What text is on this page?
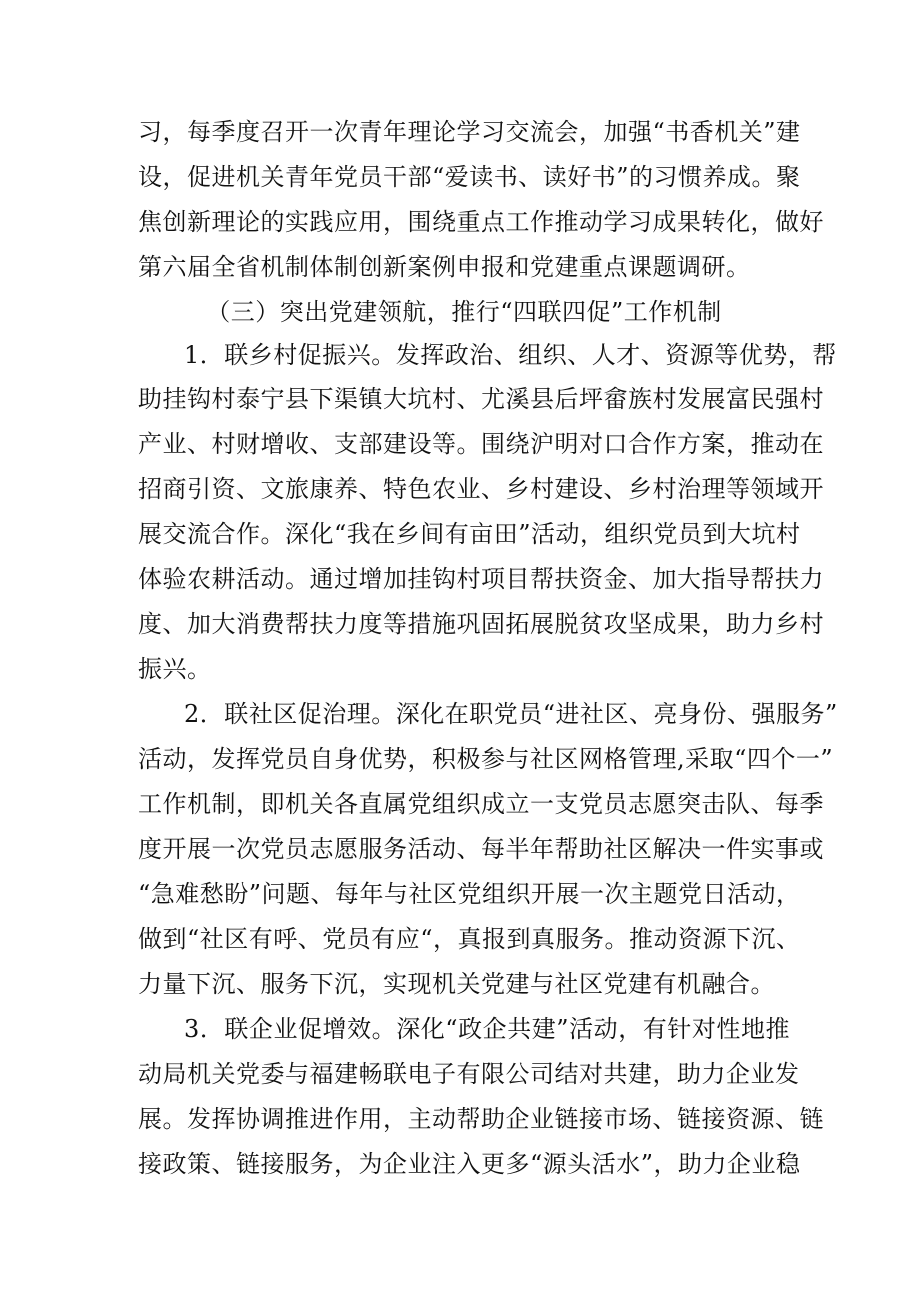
习，每季度召开一次青年理论学习交流会，加强“书香机关”建
设，促进机关青年党员干部“爱读书、读好书”的习惯养成。聚
焦创新理论的实践应用，围绕重点工作推动学习成果转化，做好
第六届全省机制体制创新案例申报和党建重点课题调研。
（三）突出党建领航，推行“四联四促”工作机制
1．联乡村促振兴。发挥政治、组织、人才、资源等优势，帮
助挂钩村泰宁县下渠镇大坑村、尤溪县后坪畲族村发展富民强村
产业、村财增收、支部建设等。围绕沪明对口合作方案，推动在
招商引资、文旅康养、特色农业、乡村建设、乡村治理等领域开
展交流合作。深化“我在乡间有亩田”活动，组织党员到大坑村
体验农耕活动。通过增加挂钩村项目帮扶资金、加大指导帮扶力
度、加大消费帮扶力度等措施巩固拓展脱贫攻坚成果，助力乡村
振兴。
2．联社区促治理。深化在职党员“进社区、亮身份、强服务”
活动，发挥党员自身优势，积极参与社区网格管理,采取“四个一”
工作机制，即机关各直属党组织成立一支党员志愿突击队、每季
度开展一次党员志愿服务活动、每半年帮助社区解决一件实事或
“急难愁盼”问题、每年与社区党组织开展一次主题党日活动，
做到“社区有呼、党员有应“，真报到真服务。推动资源下沉、
力量下沉、服务下沉，实现机关党建与社区党建有机融合。
3．联企业促增效。深化“政企共建”活动，有针对性地推
动局机关党委与福建畅联电子有限公司结对共建，助力企业发
展。发挥协调推进作用，主动帮助企业链接市场、链接资源、链
接政策、链接服务，为企业注入更多“源头活水”，助力企业稳
